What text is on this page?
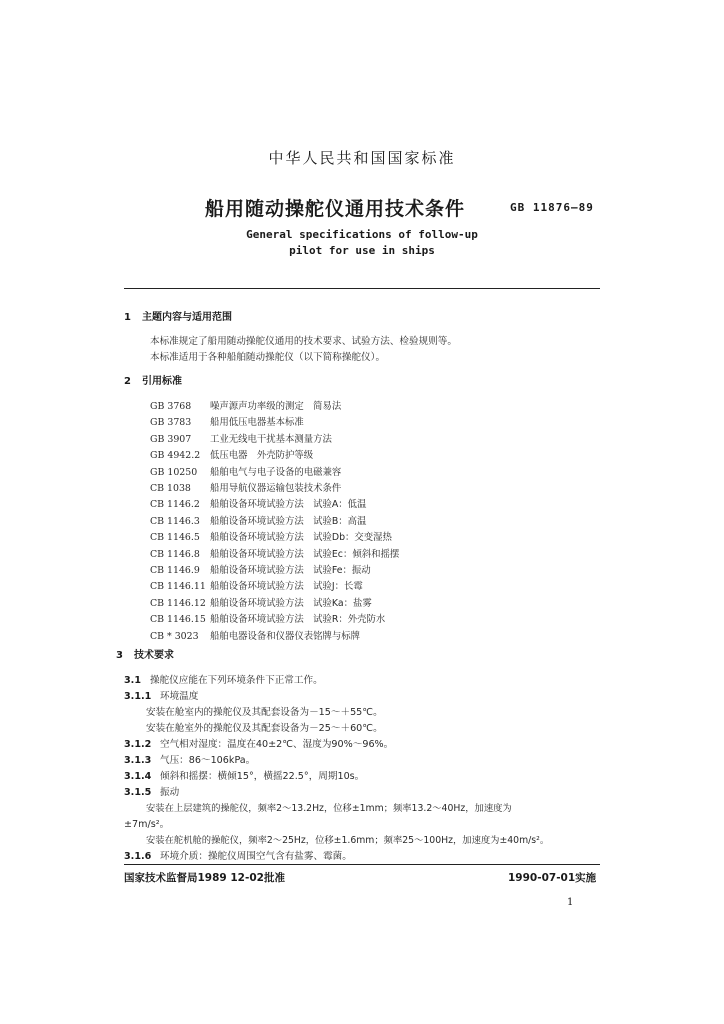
中华人民共和国国家标准
船用随动操舵仪通用技术条件	GB 11876—89
General specifications of follow-up
pilot for use in ships
1 主题内容与适用范围
本标准规定了船用随动操舵仪通用的技术要求、试验方法、检验规则等。
本标准适用于各种船舶随动操舵仪（以下简称操舵仪）。
2 引用标准
GB 3768 噪声源声功率级的测定　简易法
GB 3783 船用低压电器基本标准
GB 3907 工业无线电干扰基本测量方法
GB 4942.2 低压电器　外壳防护等级
GB 10250 船舶电气与电子设备的电磁兼容
CB 1038 船用导航仪器运输包装技术条件
CB 1146.2 船舶设备环境试验方法　试验A：低温
CB 1146.3 船舶设备环境试验方法　试验B：高温
CB 1146.5 船舶设备环境试验方法　试验Db：交变湿热
CB 1146.8 船舶设备环境试验方法　试验Ec：倾斜和摇摆
CB 1146.9 船舶设备环境试验方法　试验Fe：振动
CB 1146.11 船舶设备环境试验方法　试验J：长霉
CB 1146.12 船舶设备环境试验方法　试验Ka：盐雾
CB 1146.15 船舶设备环境试验方法　试验R：外壳防水
CB * 3023 船舶电器设备和仪器仪表铭牌与标牌
3 技术要求
3.1 操舵仪应能在下列环境条件下正常工作。
3.1.1 环境温度
安装在舱室内的操舵仪及其配套设备为－15～＋55℃。
安装在舱室外的操舵仪及其配套设备为－25～＋60℃。
3.1.2 空气相对湿度：温度在40±2℃、湿度为90%～96%。
3.1.3 气压：86～106kPa。
3.1.4 倾斜和摇摆：横倾15°，横摇22.5°，周期10s。
3.1.5 振动
安装在上层建筑的操舵仪，频率2～13.2Hz，位移±1mm；频率13.2～40Hz，加速度为
±7m/s²。
安装在舵机舱的操舵仪，频率2～25Hz，位移±1.6mm；频率25～100Hz，加速度为±40m/s²。
3.1.6 环境介质：操舵仪周围空气含有盐雾、霉菌。
国家技术监督局1989 12-02批准	1990-07-01实施
1
